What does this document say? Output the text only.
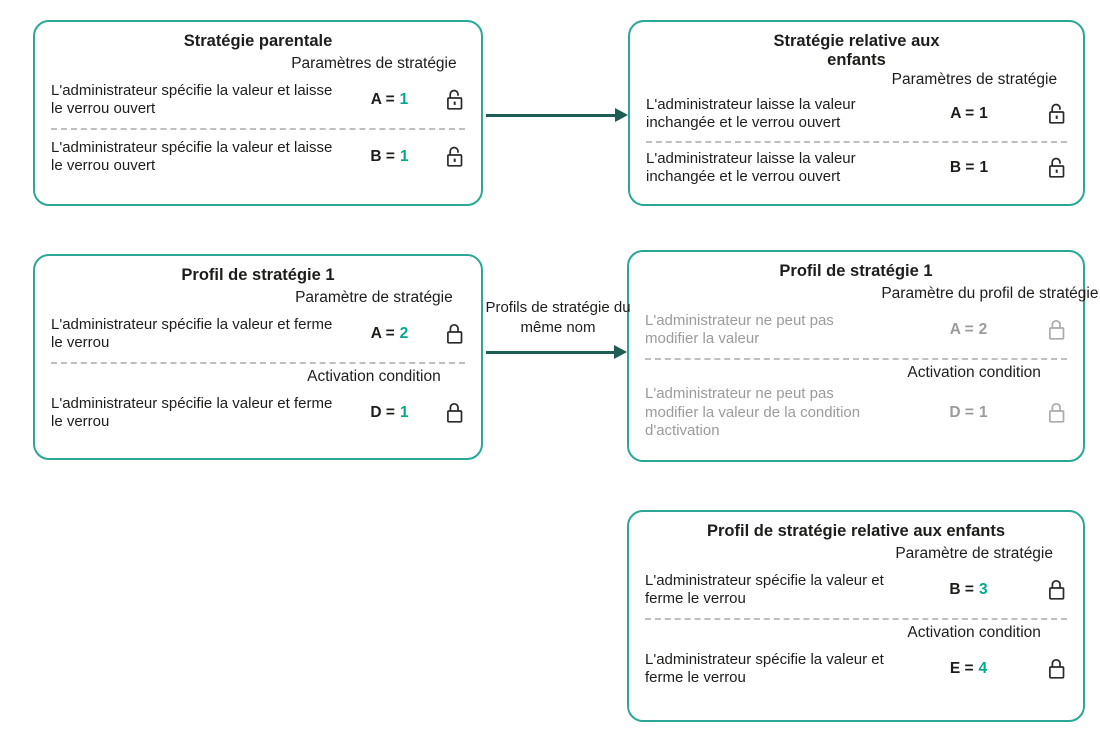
Stratégie parentale
Paramètres de stratégie
L'administrateur spécifie la valeur et laisse le verrou ouvert
A = 1
L'administrateur spécifie la valeur et laisse le verrou ouvert
B = 1
Stratégie relative aux enfants
Paramètres de stratégie
L'administrateur laisse la valeur inchangée et le verrou ouvert
A = 1
L'administrateur laisse la valeur inchangée et le verrou ouvert
B = 1
Profil de stratégie 1
Paramètre de stratégie
L'administrateur spécifie la valeur et ferme le verrou
A = 2
Activation condition
L'administrateur spécifie la valeur et ferme le verrou
D = 1
Profil de stratégie 1
Paramètre du profil de stratégie
L'administrateur ne peut pas modifier la valeur
A = 2
Activation condition
L'administrateur ne peut pas modifier la valeur de la condition d'activation
D = 1
Profils de stratégie du même nom
Profil de stratégie relative aux enfants
Paramètre de stratégie
L'administrateur spécifie la valeur et ferme le verrou
B = 3
Activation condition
L'administrateur spécifie la valeur et ferme le verrou
E = 4
